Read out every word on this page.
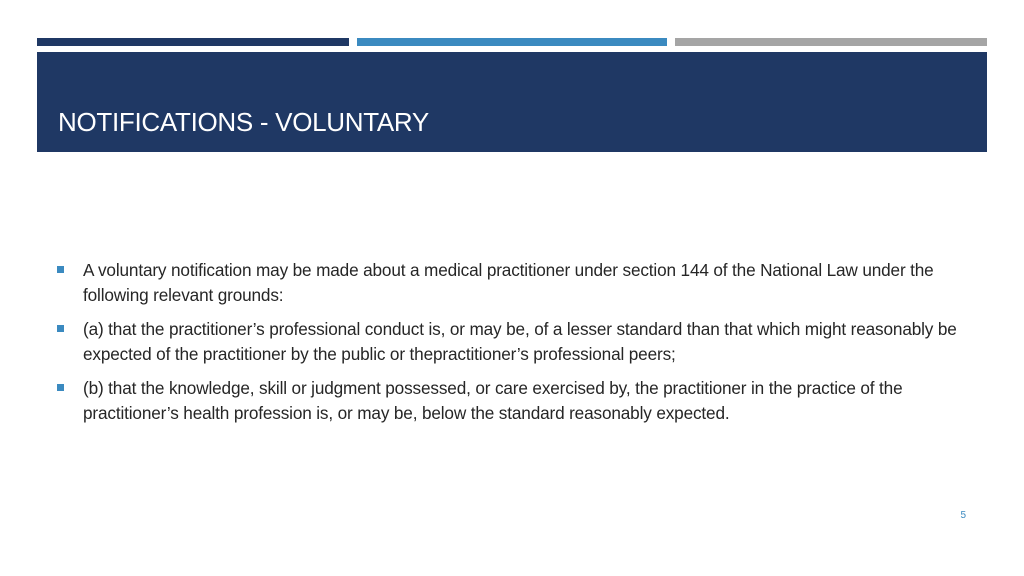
NOTIFICATIONS - VOLUNTARY
A voluntary notification may be made about a medical practitioner under section 144 of the National Law under the following relevant grounds:
(a) that the practitioner’s professional conduct is, or may be, of a lesser standard than that which might reasonably be expected of the practitioner by the public or thepractitioner’s professional peers;
(b) that the knowledge, skill or judgment possessed, or care exercised by, the practitioner in the practice of the practitioner’s health profession is, or may be, below the standard reasonably expected.
5
